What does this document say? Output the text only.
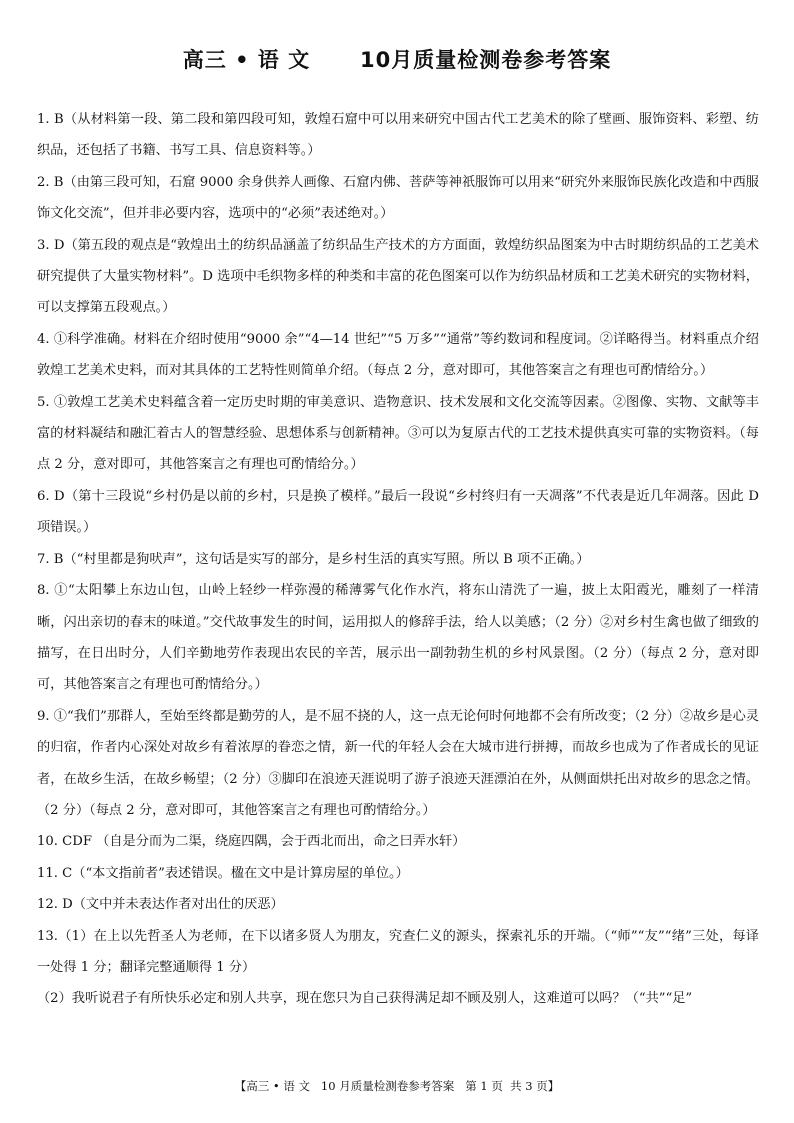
高三 • 语 文      10月质量检测卷参考答案

1. B（从材料第一段、第二段和第四段可知，敦煌石窟中可以用来研究中国古代工艺美术的除了壁画、服饰资料、彩塑、纺织品，还包括了书籍、书写工具、信息资料等。）

2. B（由第三段可知，石窟 9000 余身供养人画像、石窟内佛、菩萨等神祇服饰可以用来“研究外来服饰民族化改造和中西服饰文化交流”，但并非必要内容，选项中的“必须”表述绝对。）

3. D（第五段的观点是“敦煌出土的纺织品涵盖了纺织品生产技术的方方面面，敦煌纺织品图案为中古时期纺织品的工艺美术研究提供了大量实物材料”。D 选项中毛织物多样的种类和丰富的花色图案可以作为纺织品材质和工艺美术研究的实物材料，可以支撑第五段观点。）

4. ①科学准确。材料在介绍时使用“9000 余”“4—14 世纪”“5 万多”“通常”等约数词和程度词。②详略得当。材料重点介绍敦煌工艺美术史料，而对其具体的工艺特性则简单介绍。（每点 2 分，意对即可，其他答案言之有理也可酌情给分。）

5. ①敦煌工艺美术史料蕴含着一定历史时期的审美意识、造物意识、技术发展和文化交流等因素。②图像、实物、文献等丰富的材料凝结和融汇着古人的智慧经验、思想体系与创新精神。③可以为复原古代的工艺技术提供真实可靠的实物资料。（每点 2 分，意对即可，其他答案言之有理也可酌情给分。）

6. D（第十三段说“乡村仍是以前的乡村，只是换了模样。”最后一段说“乡村终归有一天凋落”不代表是近几年凋落。因此 D 项错误。）

7. B（“村里都是狗吠声”，这句话是实写的部分，是乡村生活的真实写照。所以 B 项不正确。）

8. ①“太阳攀上东边山包，山岭上轻纱一样弥漫的稀薄雾气化作水汽，将东山清洗了一遍，披上太阳霞光，雕刻了一样清晰，闪出亲切的春末的味道。”交代故事发生的时间，运用拟人的修辞手法，给人以美感；（2 分）②对乡村生禽也做了细致的描写，在日出时分，人们辛勤地劳作表现出农民的辛苦，展示出一副勃勃生机的乡村风景图。（2 分）（每点 2 分，意对即可，其他答案言之有理也可酌情给分。）

9. ①“我们”那群人，至始至终都是勤劳的人，是不屈不挠的人，这一点无论何时何地都不会有所改变；（2 分）②故乡是心灵的归宿，作者内心深处对故乡有着浓厚的眷恋之情，新一代的年轻人会在大城市进行拼搏，而故乡也成为了作者成长的见证者，在故乡生活，在故乡畅望；（2 分）③脚印在浪迹天涯说明了游子浪迹天涯漂泊在外，从侧面烘托出对故乡的思念之情。（2 分）（每点 2 分，意对即可，其他答案言之有理也可酌情给分。）

10. CDF （自是分而为二渠，绕庭四隅，会于西北而出，命之曰弄水轩）

11. C（“本文指前者”表述错误。楹在文中是计算房屋的单位。）

12. D（文中并未表达作者对出仕的厌恶）

13.（1）在上以先哲圣人为老师，在下以诸多贤人为朋友，究查仁义的源头，探索礼乐的开端。（“师”“友”“绪”三处，每译一处得 1 分；翻译完整通顺得 1 分）

（2）我听说君子有所快乐必定和别人共享，现在您只为自己获得满足却不顾及别人，这难道可以吗？（“共”“足”

【高三 • 语 文   10 月质量检测卷参考答案   第 1 页  共 3 页】
